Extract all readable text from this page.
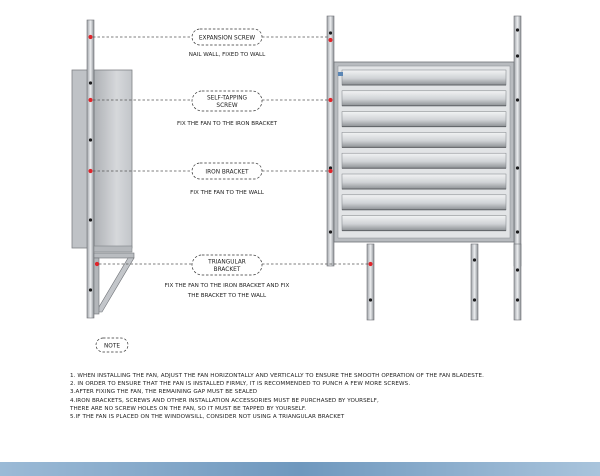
EXPANSION SCREW
NAIL WALL, FIXED TO WALL
SELF-TAPPING
SCREW
FIX THE FAN TO THE IRON BRACKET
IRON BRACKET
FIX THE FAN TO THE WALL
TRIANGULAR
BRACKET
FIX THE FAN TO THE IRON BRACKET AND FIX
THE BRACKET TO THE WALL
NOTE
1. WHEN INSTALLING THE FAN, ADJUST THE FAN HORIZONTALLY AND VERTICALLY TO ENSURE THE SMOOTH OPERATION OF THE FAN BLADESTE.
2. IN ORDER TO ENSURE THAT THE FAN IS INSTALLED FIRMLY, IT IS RECOMMENDED TO PUNCH A FEW MORE SCREWS.
3.AFTER FIXING THE FAN, THE REMAINING GAP MUST BE SEALED
4.IRON BRACKETS, SCREWS AND OTHER INSTALLATION ACCESSORIES MUST BE PURCHASED BY YOURSELF,
THERE ARE NO SCREW HOLES ON THE FAN, SO IT MUST BE TAPPED BY YOURSELF.
5.IF THE FAN IS PLACED ON THE WINDOWSILL, CONSIDER NOT USING A TRIANGULAR BRACKET
